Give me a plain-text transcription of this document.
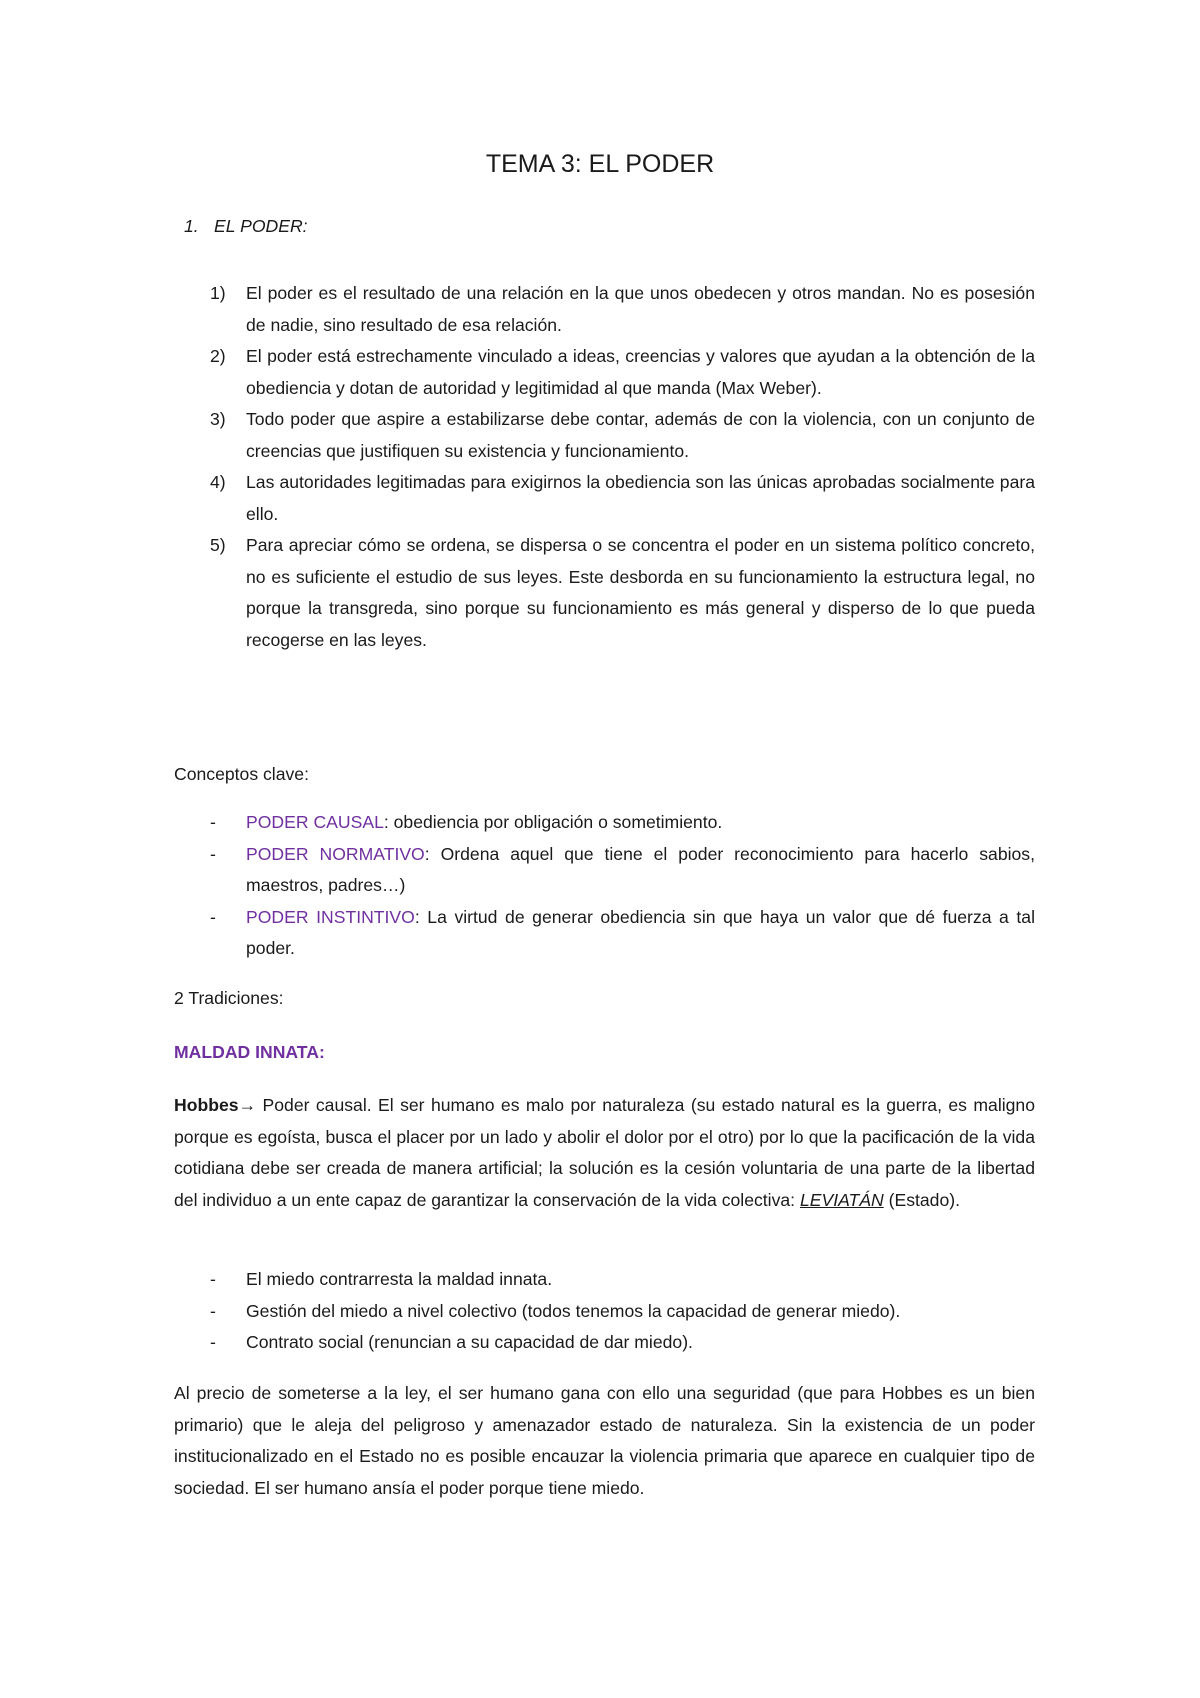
TEMA 3: EL PODER
1. EL PODER:
1) El poder es el resultado de una relación en la que unos obedecen y otros mandan. No es posesión de nadie, sino resultado de esa relación.
2) El poder está estrechamente vinculado a ideas, creencias y valores que ayudan a la obtención de la obediencia y dotan de autoridad y legitimidad al que manda (Max Weber).
3) Todo poder que aspire a estabilizarse debe contar, además de con la violencia, con un conjunto de creencias que justifiquen su existencia y funcionamiento.
4) Las autoridades legitimadas para exigirnos la obediencia son las únicas aprobadas socialmente para ello.
5) Para apreciar cómo se ordena, se dispersa o se concentra el poder en un sistema político concreto, no es suficiente el estudio de sus leyes. Este desborda en su funcionamiento la estructura legal, no porque la transgreda, sino porque su funcionamiento es más general y disperso de lo que pueda recogerse en las leyes.

Conceptos clave:

- PODER CAUSAL: obediencia por obligación o sometimiento.
- PODER NORMATIVO: Ordena aquel que tiene el poder reconocimiento para hacerlo sabios, maestros, padres…)
- PODER INSTINTIVO: La virtud de generar obediencia sin que haya un valor que dé fuerza a tal poder.

2 Tradiciones:

MALDAD INNATA:

Hobbes→ Poder causal. El ser humano es malo por naturaleza (su estado natural es la guerra, es maligno porque es egoísta, busca el placer por un lado y abolir el dolor por el otro) por lo que la pacificación de la vida cotidiana debe ser creada de manera artificial; la solución es la cesión voluntaria de una parte de la libertad del individuo a un ente capaz de garantizar la conservación de la vida colectiva: LEVIATÁN (Estado).

- El miedo contrarresta la maldad innata.
- Gestión del miedo a nivel colectivo (todos tenemos la capacidad de generar miedo).
- Contrato social (renuncian a su capacidad de dar miedo).

Al precio de someterse a la ley, el ser humano gana con ello una seguridad (que para Hobbes es un bien primario) que le aleja del peligroso y amenazador estado de naturaleza. Sin la existencia de un poder institucionalizado en el Estado no es posible encauzar la violencia primaria que aparece en cualquier tipo de sociedad. El ser humano ansía el poder porque tiene miedo.
